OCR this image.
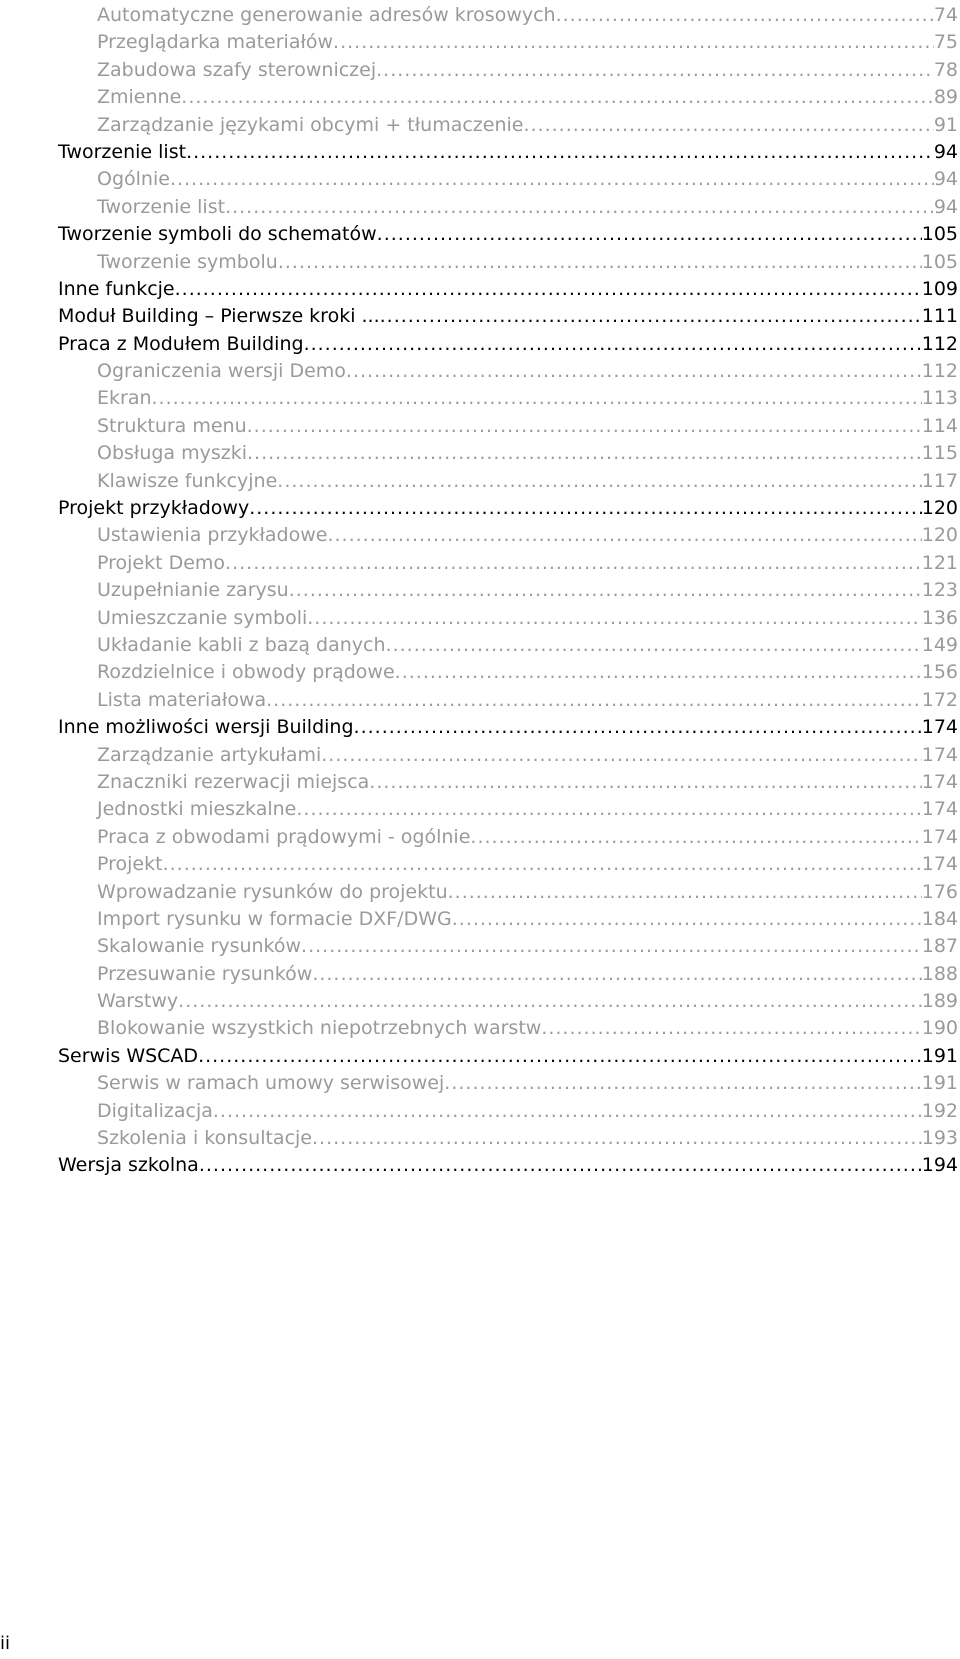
Automatyczne generowanie adresów krosowych .....	74
Przeglądarka materiałów .....	75
Zabudowa szafy sterowniczej .....	78
Zmienne .....	89
Zarządzanie językami obcymi + tłumaczenie .....	91
Tworzenie list .....	94
Ogólnie .....	94
Tworzenie list .....	94
Tworzenie symboli do schematów .....	105
Tworzenie symbolu .....	105
Inne funkcje .....	109
Moduł Building – Pierwsze kroki ... .....	111
Praca z Modułem Building .....	112
Ograniczenia wersji Demo .....	112
Ekran .....	113
Struktura menu .....	114
Obsługa myszki .....	115
Klawisze funkcyjne .....	117
Projekt przykładowy .....	120
Ustawienia przykładowe .....	120
Projekt Demo .....	121
Uzupełnianie zarysu .....	123
Umieszczanie symboli .....	136
Układanie kabli z bazą danych .....	149
Rozdzielnice i obwody prądowe .....	156
Lista materiałowa .....	172
Inne możliwości wersji Building .....	174
Zarządzanie artykułami .....	174
Znaczniki rezerwacji miejsca .....	174
Jednostki mieszkalne .....	174
Praca z obwodami prądowymi - ogólnie .....	174
Projekt .....	174
Wprowadzanie rysunków do projektu .....	176
Import rysunku w formacie DXF/DWG .....	184
Skalowanie rysunków .....	187
Przesuwanie rysunków .....	188
Warstwy .....	189
Blokowanie wszystkich niepotrzebnych warstw .....	190
Serwis WSCAD .....	191
Serwis w ramach umowy serwisowej .....	191
Digitalizacja .....	192
Szkolenia i konsultacje .....	193
Wersja szkolna .....	194
ii
